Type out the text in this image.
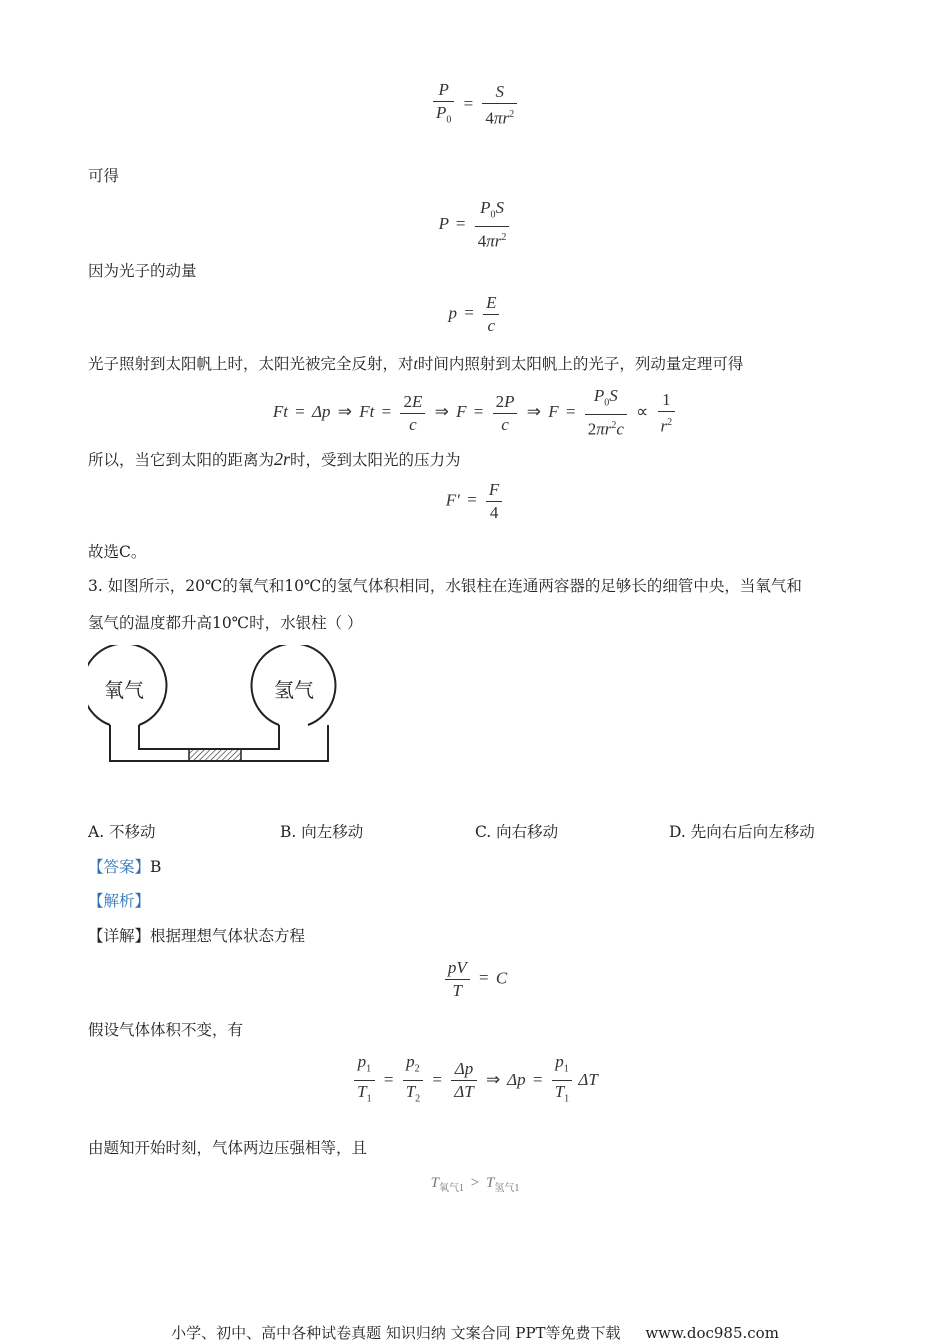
$\frac{P}{P_0} = \frac{S}{4\pi r^2}$
可得
$P = \frac{P_0S}{4\pi r^2}$
因为光子的动量
$p = \frac{E}{c}$
光子照射到太阳帆上时，太阳光被完全反射，对t时间内照射到太阳帆上的光子，列动量定理可得
Ft = Δp ⇒ $Ft = \frac{2E}{c}$ ⇒ $F = \frac{2P}{c}$ ⇒ $F = \frac{P_0S}{2\pi r^2c} \propto \frac{1}{r^2}$
所以，当它到太阳的距离为2r时，受到太阳光的压力为
$F' = \frac{F}{4}$
故选C。
3. 如图所示，20℃的氧气和10℃的氢气体积相同，水银柱在连通两容器的足够长的细管中央，当氧气和
氢气的温度都升高10℃时，水银柱（ ）
氧气	氢气
A. 不移动	B. 向左移动	C. 向右移动	D. 先向右后向左移动
【答案】B
【解析】
【详解】根据理想气体状态方程
$\frac{pV}{T} = C$
假设气体体积不变，有
$\frac{p_1}{T_1} = \frac{p_2}{T_2} = \frac{\Delta p}{\Delta T}$ ⇒ $\Delta p = \frac{p_1}{T_1}$ ΔT
由题知开始时刻，气体两边压强相等，且
$T_{氧气1} > T_{氢气1}$
小学、初中、高中各种试卷真题 知识归纳 文案合同 PPT等免费下载 www.doc985.com
